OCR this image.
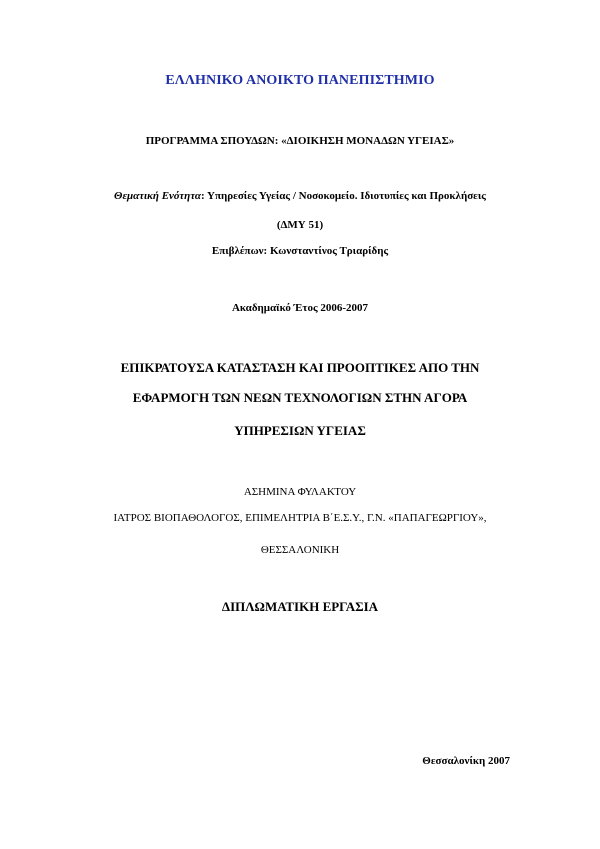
ΕΛΛΗΝΙΚΟ ΑΝΟΙΚΤΟ ΠΑΝΕΠΙΣΤΗΜΙΟ
ΠΡΟΓΡΑΜΜΑ ΣΠΟΥΔΩΝ: «ΔΙΟΙΚΗΣΗ ΜΟΝΑΔΩΝ ΥΓΕΙΑΣ»
Θεματική Ενότητα: Υπηρεσίες Υγείας / Νοσοκομείο. Ιδιοτυπίες και Προκλήσεις
(ΔΜΥ 51)
Επιβλέπων: Κωνσταντίνος Τριαρίδης
Ακαδημαϊκό Έτος 2006-2007
ΕΠΙΚΡΑΤΟΥΣΑ ΚΑΤΑΣΤΑΣΗ ΚΑΙ ΠΡΟΟΠΤΙΚΕΣ ΑΠΟ ΤΗΝ
ΕΦΑΡΜΟΓΗ ΤΩΝ ΝΕΩΝ ΤΕΧΝΟΛΟΓΙΩΝ ΣΤΗΝ ΑΓΟΡΑ
ΥΠΗΡΕΣΙΩΝ ΥΓΕΙΑΣ
ΑΣΗΜΙΝΑ ΦΥΛΑΚΤΟΥ
ΙΑΤΡΟΣ ΒΙΟΠΑΘΟΛΟΓΟΣ, ΕΠΙΜΕΛΗΤΡΙΑ Β΄Ε.Σ.Υ., Γ.Ν. «ΠΑΠΑΓΕΩΡΓΙΟΥ»,
ΘΕΣΣΑΛΟΝΙΚΗ
ΔΙΠΛΩΜΑΤΙΚΗ ΕΡΓΑΣΙΑ
Θεσσαλονίκη 2007
